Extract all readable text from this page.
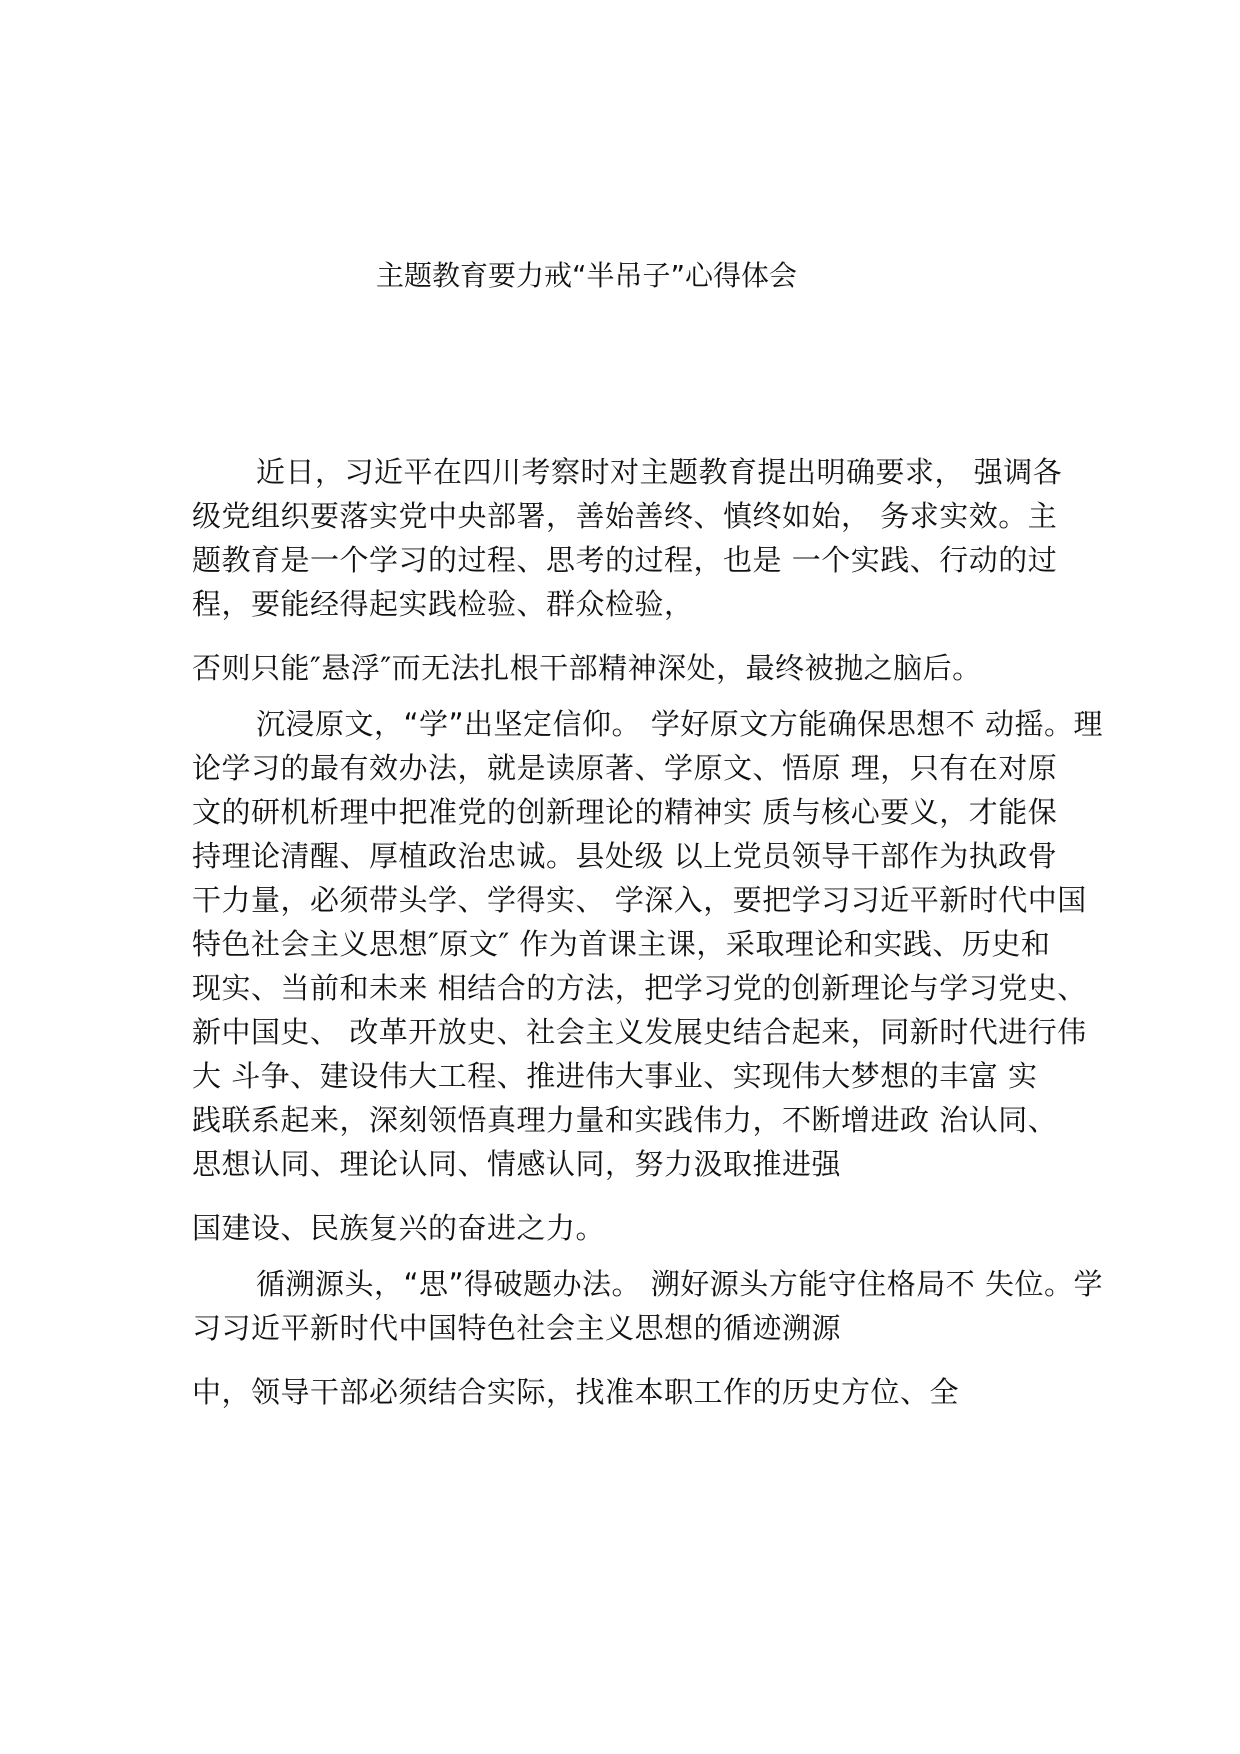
主题教育要力戒“半吊子”心得体会
近日，习近平在四川考察时对主题教育提出明确要求， 强调各
级党组织要落实党中央部署，善始善终、慎终如始， 务求实效。主
题教育是一个学习的过程、思考的过程，也是 一个实践、行动的过
程，要能经得起实践检验、群众检验，
否则只能″悬浮″而无法扎根干部精神深处，最终被抛之脑后。
沉浸原文，“学”出坚定信仰。 学好原文方能确保思想不 动摇。理
论学习的最有效办法，就是读原著、学原文、悟原 理，只有在对原
文的研机析理中把准党的创新理论的精神实 质与核心要义，才能保
持理论清醒、厚植政治忠诚。县处级 以上党员领导干部作为执政骨
干力量，必须带头学、学得实、 学深入，要把学习习近平新时代中国
特色社会主义思想″原文″ 作为首课主课，采取理论和实践、历史和
现实、当前和未来 相结合的方法，把学习党的创新理论与学习党史、
新中国史、 改革开放史、社会主义发展史结合起来，同新时代进行伟
大 斗争、建设伟大工程、推进伟大事业、实现伟大梦想的丰富 实
践联系起来，深刻领悟真理力量和实践伟力，不断增进政 治认同、
思想认同、理论认同、情感认同，努力汲取推进强
国建设、民族复兴的奋进之力。
循溯源头，“思”得破题办法。 溯好源头方能守住格局不 失位。学
习习近平新时代中国特色社会主义思想的循迹溯源
中，领导干部必须结合实际，找准本职工作的历史方位、全
